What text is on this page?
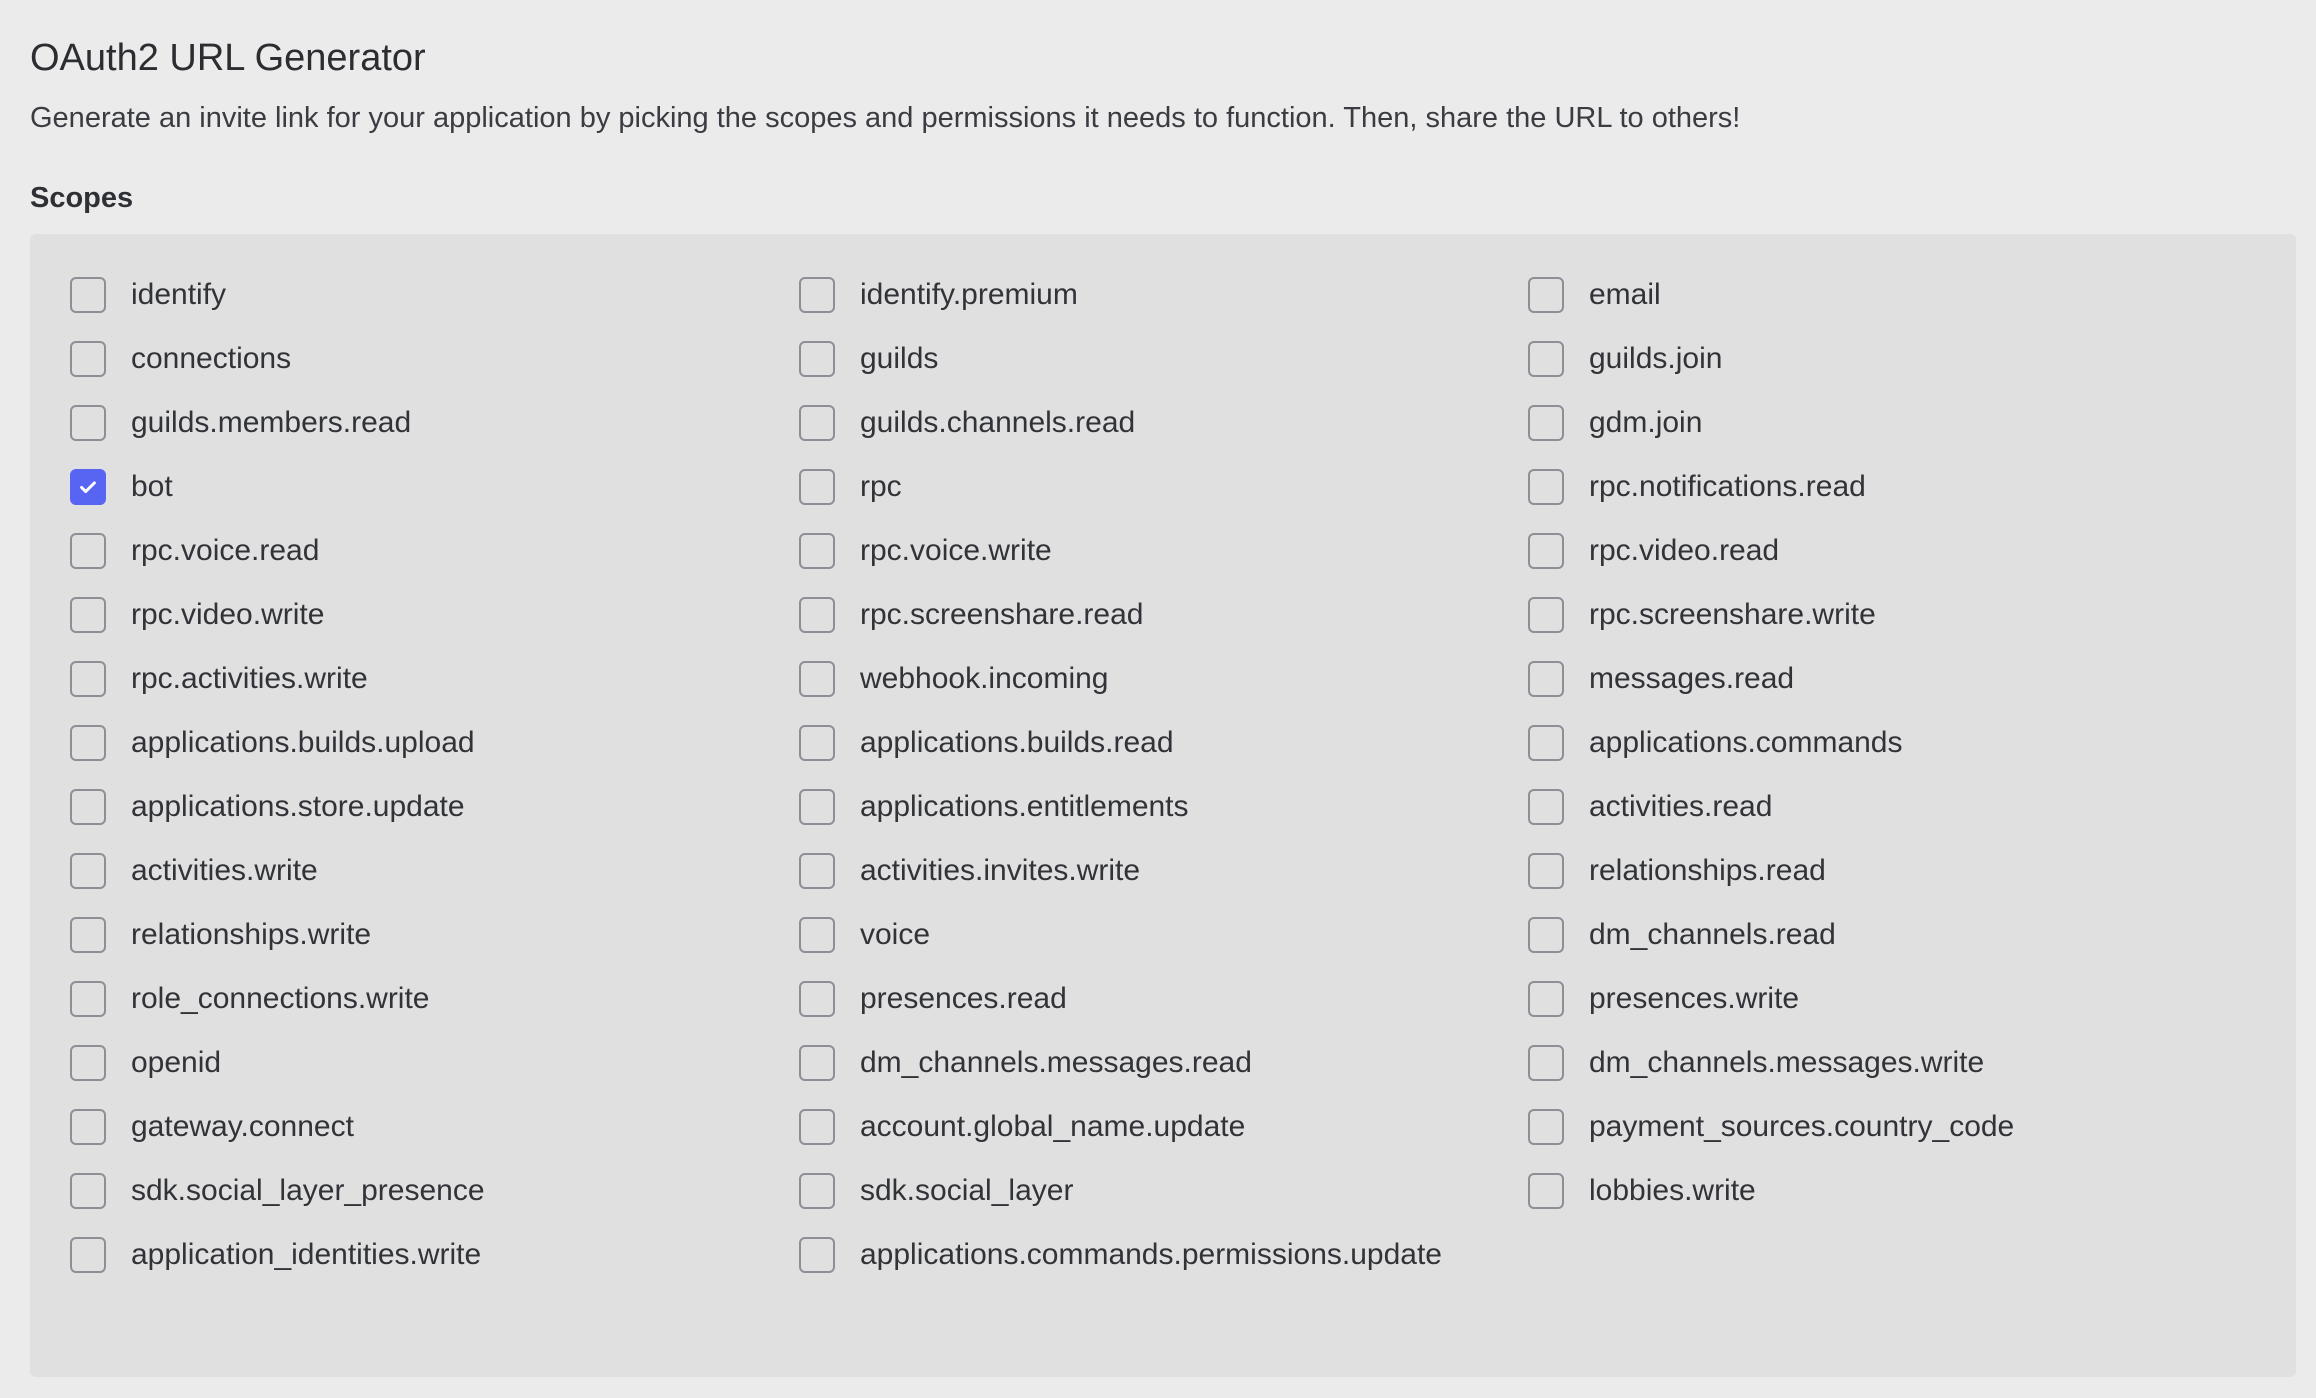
OAuth2 URL Generator
Generate an invite link for your application by picking the scopes and permissions it needs to function. Then, share the URL to others!
Scopes
identify	identify.premium	email
connections	guilds	guilds.join
guilds.members.read	guilds.channels.read	gdm.join
bot	rpc	rpc.notifications.read
rpc.voice.read	rpc.voice.write	rpc.video.read
rpc.video.write	rpc.screenshare.read	rpc.screenshare.write
rpc.activities.write	webhook.incoming	messages.read
applications.builds.upload	applications.builds.read	applications.commands
applications.store.update	applications.entitlements	activities.read
activities.write	activities.invites.write	relationships.read
relationships.write	voice	dm_channels.read
role_connections.write	presences.read	presences.write
openid	dm_channels.messages.read	dm_channels.messages.write
gateway.connect	account.global_name.update	payment_sources.country_code
sdk.social_layer_presence	sdk.social_layer	lobbies.write
application_identities.write	applications.commands.permissions.update
